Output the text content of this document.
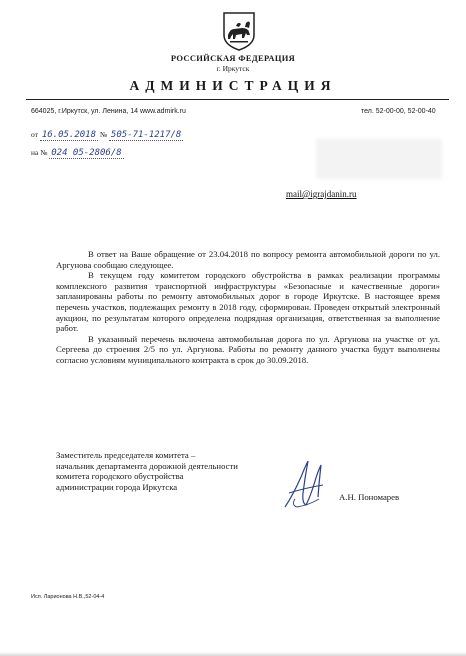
РОССИЙСКАЯ ФЕДЕРАЦИЯ
г. Иркутск
АДМИНИСТРАЦИЯ
664025, г.Иркутск, ул. Ленина, 14 www.admirk.ru	тел. 52-00-00, 52-00-40
от 16.05.2018 № 505-71-1217/8
на № 024 05-2806/8
mail@igrajdanin.ru

В ответ на Ваше обращение от 23.04.2018 по вопросу ремонта автомобильной дороги по ул. Аргунова сообщаю следующее.

В текущем году комитетом городского обустройства в рамках реализации программы комплексного развития транспортной инфраструктуры «Безопасные и качественные дороги» запланированы работы по ремонту автомобильных дорог в городе Иркутске. В настоящее время перечень участков, подлежащих ремонту в 2018 году, сформирован. Проведен открытый электронный аукцион, по результатам которого определена подрядная организация, ответственная за выполнение работ.

В указанный перечень включена автомобильная дорога по ул. Аргунова на участке от ул. Сергеева до строения 2/5 по ул. Аргунова. Работы по ремонту данного участка будут выполнены согласно условиям муниципального контракта в срок до 30.09.2018.

Заместитель председателя комитета –
начальник департамента дорожной деятельности
комитета городского обустройства
администрации города Иркутска
А.Н. Пономарев
Исп. Ларионова Н.В.,52-04-4
